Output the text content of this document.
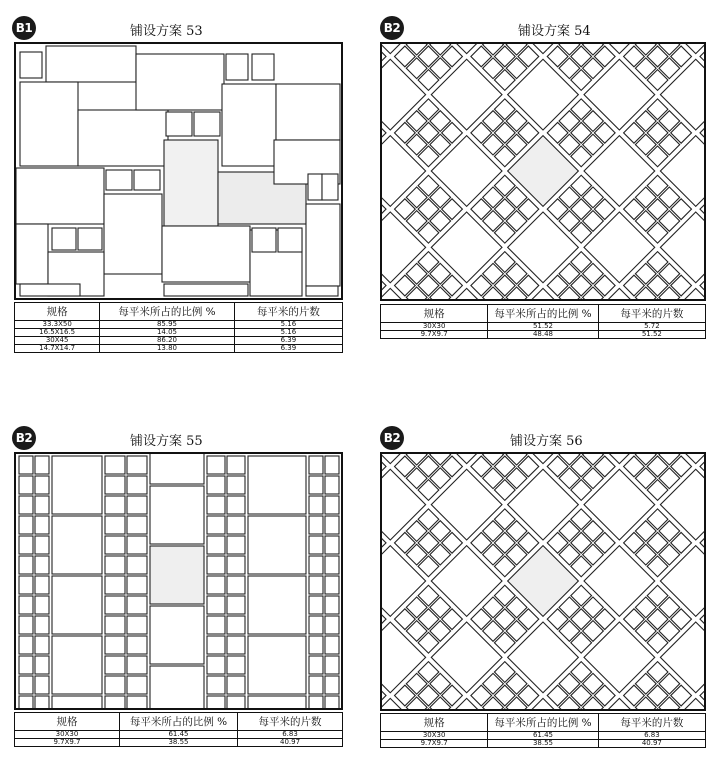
B1	铺设方案 53
规格	每平米所占的比例 %	每平米的片数
33.3X50	85.95	5.16
16.5X16.5	14.05	5.16
30X45	86.20	6.39
14.7X14.7	13.80	6.39
B2	铺设方案 54
规格	每平米所占的比例 %	每平米的片数
30X30	51.52	5.72
9.7X9.7	48.48	51.52
B2	铺设方案 55
规格	每平米所占的比例 %	每平米的片数
30X30	61.45	6.83
9.7X9.7	38.55	40.97
B2	铺设方案 56
规格	每平米所占的比例 %	每平米的片数
30X30	61.45	6.83
9.7X9.7	38.55	40.97
